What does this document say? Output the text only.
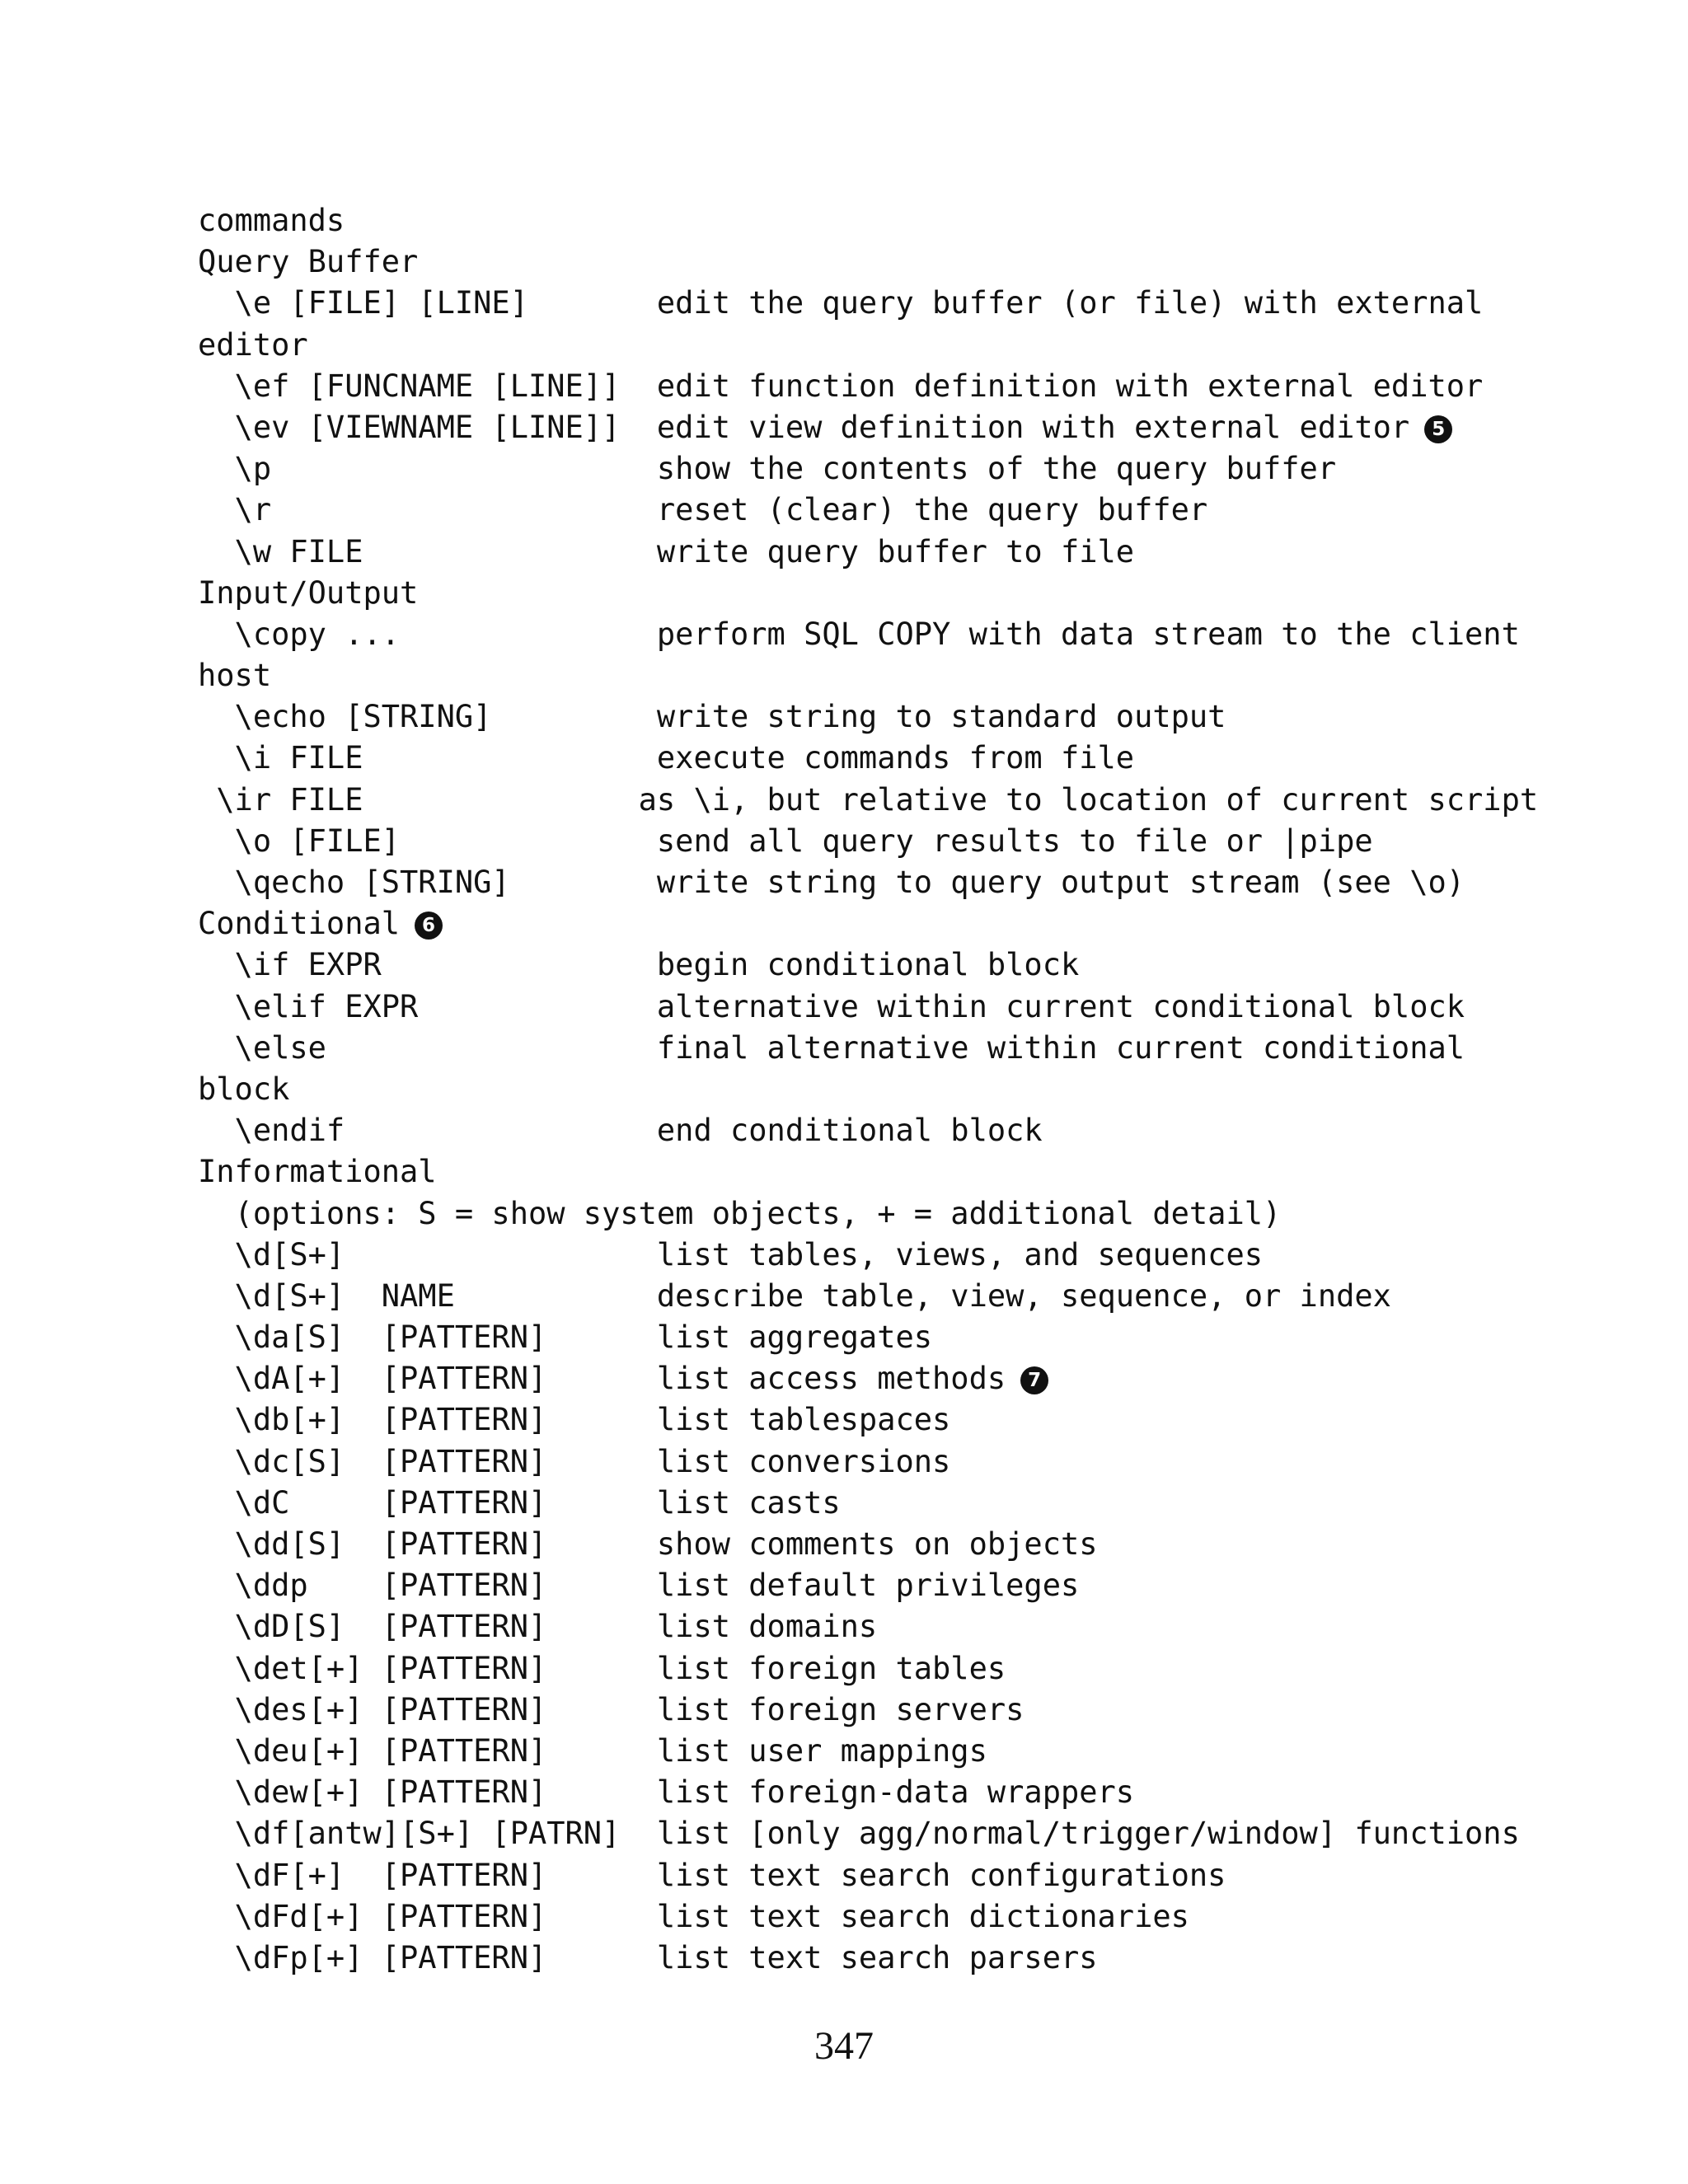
commands
Query Buffer
\e [FILE] [LINE]       edit the query buffer (or file) with external
editor
\ef [FUNCNAME [LINE]]  edit function definition with external editor
\ev [VIEWNAME [LINE]]  edit view definition with external editor 5
\p                     show the contents of the query buffer
\r                     reset (clear) the query buffer
\w FILE                write query buffer to file
Input/Output
\copy ...              perform SQL COPY with data stream to the client
host
\echo [STRING]         write string to standard output
\i FILE                execute commands from file
\ir FILE               as \i, but relative to location of current script
\o [FILE]              send all query results to file or |pipe
\qecho [STRING]        write string to query output stream (see \o)
Conditional 6
\if EXPR               begin conditional block
\elif EXPR             alternative within current conditional block
\else                  final alternative within current conditional
block
\endif                 end conditional block
Informational
(options: S = show system objects, + = additional detail)
\d[S+]                 list tables, views, and sequences
\d[S+]  NAME           describe table, view, sequence, or index
\da[S]  [PATTERN]      list aggregates
\dA[+]  [PATTERN]      list access methods 7
\db[+]  [PATTERN]      list tablespaces
\dc[S]  [PATTERN]      list conversions
\dC     [PATTERN]      list casts
\dd[S]  [PATTERN]      show comments on objects
\ddp    [PATTERN]      list default privileges
\dD[S]  [PATTERN]      list domains
\det[+] [PATTERN]      list foreign tables
\des[+] [PATTERN]      list foreign servers
\deu[+] [PATTERN]      list user mappings
\dew[+] [PATTERN]      list foreign-data wrappers
\df[antw][S+] [PATRN]  list [only agg/normal/trigger/window] functions
\dF[+]  [PATTERN]      list text search configurations
\dFd[+] [PATTERN]      list text search dictionaries
\dFp[+] [PATTERN]      list text search parsers
347
